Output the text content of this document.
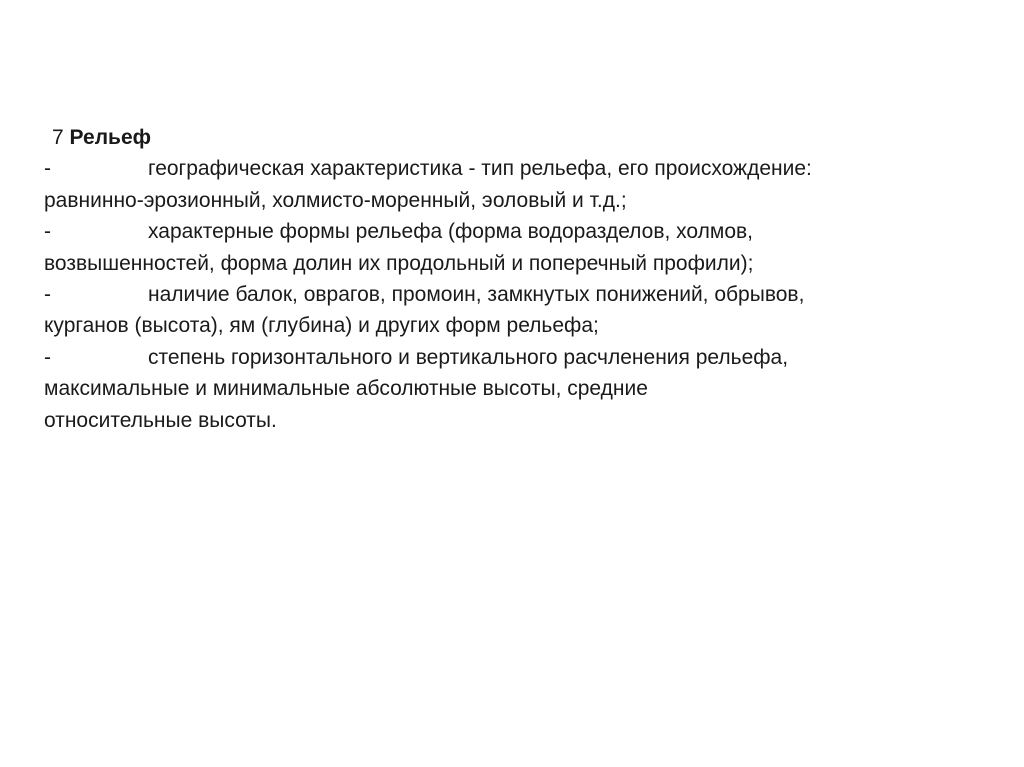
7 Рельеф
-	географическая характеристика - тип рельефа, его происхождение:
равнинно-эрозионный, холмисто-моренный, эоловый и т.д.;
-	характерные формы рельефа (форма водоразделов, холмов,
возвышенностей, форма долин их продольный и поперечный профили);
-	наличие балок, оврагов, промоин, замкнутых понижений, обрывов,
курганов (высота), ям (глубина) и других форм рельефа;
-	степень горизонтального и вертикального расчленения рельефа,
максимальные и минимальные абсолютные высоты, средние
относительные высоты.
